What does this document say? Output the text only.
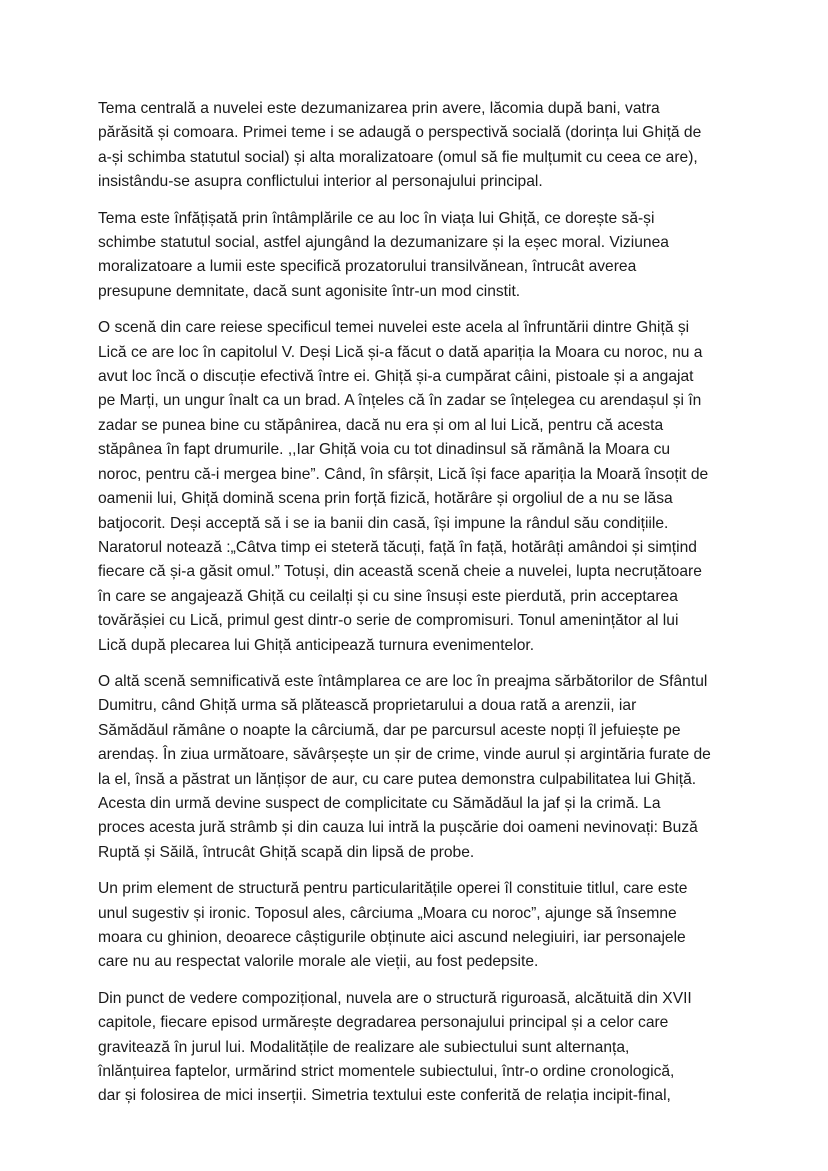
Tema centrală a nuvelei este dezumanizarea prin avere, lăcomia după bani, vatra
părăsită și comoara. Primei teme i se adaugă o perspectivă socială (dorința lui Ghiță de
a-și schimba statutul social) și alta moralizatoare (omul să fie mulțumit cu ceea ce are),
insistându-se asupra conflictului interior al personajului principal.

Tema este înfățișată prin întâmplările ce au loc în viața lui Ghiță, ce dorește să-și
schimbe statutul social, astfel ajungând la dezumanizare și la eșec moral. Viziunea
moralizatoare a lumii este specifică prozatorului transilvănean, întrucât averea
presupune demnitate, dacă sunt agonisite într-un mod cinstit.

O scenă din care reiese specificul temei nuvelei este acela al înfruntării dintre Ghiță și
Lică ce are loc în capitolul V. Deși Lică și-a făcut o dată apariția la Moara cu noroc, nu a
avut loc încă o discuție efectivă între ei. Ghiță și-a cumpărat câini, pistoale și a angajat
pe Marți, un ungur înalt ca un brad. A înțeles că în zadar se înțelegea cu arendașul și în
zadar se punea bine cu stăpânirea, dacă nu era și om al lui Lică, pentru că acesta
stăpânea în fapt drumurile. ,,Iar Ghiță voia cu tot dinadinsul să rămână la Moara cu
noroc, pentru că-i mergea bine”. Când, în sfârșit, Lică își face apariția la Moară însoțit de
oamenii lui, Ghiță domină scena prin forță fizică, hotărâre și orgoliul de a nu se lăsa
batjocorit. Deși acceptă să i se ia banii din casă, își impune la rândul său condițiile.
Naratorul notează :„Câtva timp ei steteră tăcuți, față în față, hotărâți amândoi și simțind
fiecare că și-a găsit omul.” Totuși, din această scenă cheie a nuvelei, lupta necruțătoare
în care se angajează Ghiță cu ceilalți și cu sine însuși este pierdută, prin acceptarea
tovărășiei cu Lică, primul gest dintr-o serie de compromisuri. Tonul amenințător al lui
Lică după plecarea lui Ghiță anticipează turnura evenimentelor.

O altă scenă semnificativă este întâmplarea ce are loc în preajma sărbătorilor de Sfântul
Dumitru, când Ghiță urma să plătească proprietarului a doua rată a arenzii, iar
Sămădăul rămâne o noapte la cârciumă, dar pe parcursul aceste nopți îl jefuiește pe
arendaș. În ziua următoare, săvârșește un șir de crime, vinde aurul și argintăria furate de
la el, însă a păstrat un lănțișor de aur, cu care putea demonstra culpabilitatea lui Ghiță.
Acesta din urmă devine suspect de complicitate cu Sămădăul la jaf și la crimă. La
proces acesta jură strâmb și din cauza lui intră la pușcărie doi oameni nevinovați: Buză
Ruptă și Săilă, întrucât Ghiță scapă din lipsă de probe.

Un prim element de structură pentru particularitățile operei îl constituie titlul, care este
unul sugestiv și ironic. Toposul ales, cârciuma „Moara cu noroc”, ajunge să însemne
moara cu ghinion, deoarece câștigurile obținute aici ascund nelegiuiri, iar personajele
care nu au respectat valorile morale ale vieții, au fost pedepsite.

Din punct de vedere compozițional, nuvela are o structură riguroasă, alcătuită din XVII
capitole, fiecare episod urmărește degradarea personajului principal și a celor care
gravitează în jurul lui. Modalitățile de realizare ale subiectului sunt alternanța,
înlănțuirea faptelor, urmărind strict momentele subiectului, într-o ordine cronologică,
dar și folosirea de mici inserții. Simetria textului este conferită de relația incipit-final,
